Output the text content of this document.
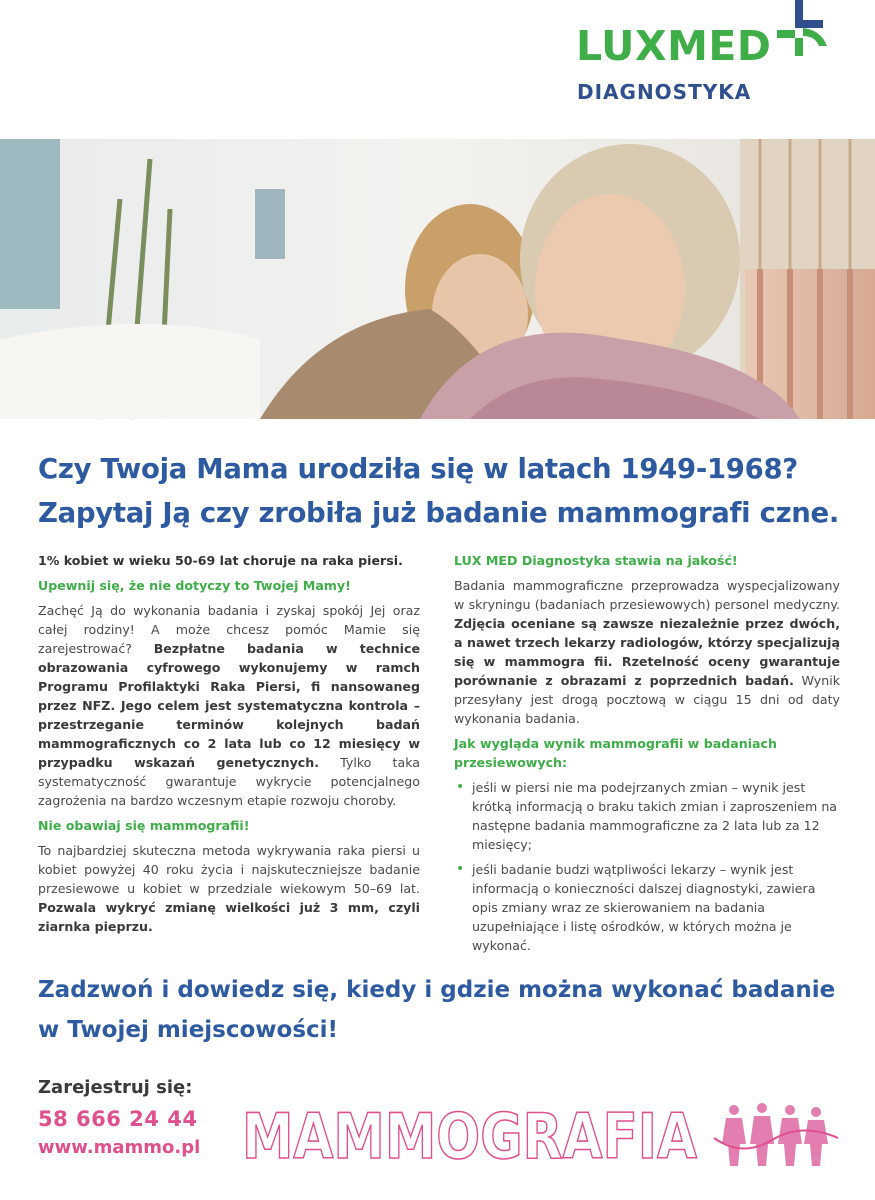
LUXMED
DIAGNOSTYKA
Czy Twoja Mama urodziła się w latach 1949-1968?
Zapytaj Ją czy zrobiła już badanie mammografi czne.

1% kobiet w wieku 50-69 lat choruje na raka piersi.

Upewnij się, że nie dotyczy to Twojej Mamy!

Zachęć Ją do wykonania badania i zyskaj spokój Jej oraz całej rodziny! A może chcesz pomóc Mamie się zarejestrować? Bezpłatne badania w technice obrazowania cyfrowego wykonujemy w ramch Programu Profilaktyki Raka Piersi, fi nansowaneg przez NFZ. Jego celem jest systematyczna kontrola – przestrzeganie terminów kolejnych badań mammograficznych co 2 lata lub co 12 miesięcy w przypadku wskazań genetycznych. Tylko taka systematyczność gwarantuje wykrycie potencjalnego zagrożenia na bardzo wczesnym etapie rozwoju choroby.

Nie obawiaj się mammografii!

To najbardziej skuteczna metoda wykrywania raka piersi u kobiet powyżej 40 roku życia i najskuteczniejsze badanie przesiewowe u kobiet w przedziale wiekowym 50–69 lat. Pozwala wykryć zmianę wielkości już 3 mm, czyli ziarnka pieprzu.

LUX MED Diagnostyka stawia na jakość!

Badania mammograficzne przeprowadza wyspecjalizowany w skryningu (badaniach przesiewowych) personel medyczny. Zdjęcia oceniane są zawsze niezależnie przez dwóch, a nawet trzech lekarzy radiologów, którzy specjalizują się w mammogra fii. Rzetelność oceny gwarantuje porównanie z obrazami z poprzednich badań. Wynik przesyłany jest drogą pocztową w ciągu 15 dni od daty wykonania badania.

Jak wygląda wynik mammografii w badaniach przesiewowych:
• jeśli w piersi nie ma podejrzanych zmian – wynik jest krótką informacją o braku takich zmian i zaproszeniem na następne badania mammograficzne za 2 lata lub za 12 miesięcy;
• jeśli badanie budzi wątpliwości lekarzy – wynik jest informacją o konieczności dalszej diagnostyki, zawiera opis zmiany wraz ze skierowaniem na badania uzupełniające i listę ośrodków, w których można je wykonać.
Zadzwoń i dowiedz się, kiedy i gdzie można wykonać badanie
w Twojej miejscowości!
Zarejestruj się:
58 666 24 44
www.mammo.pl MAMMOGRAFIA
